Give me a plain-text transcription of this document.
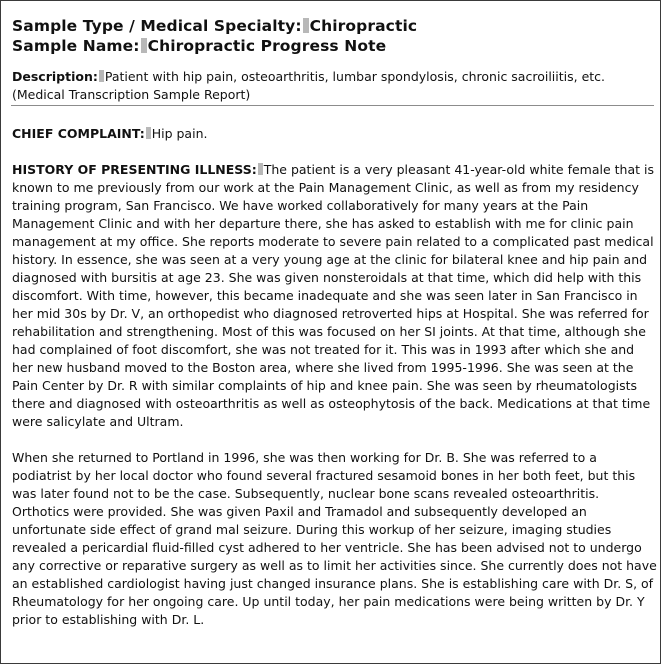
Sample Type / Medical Specialty: Chiropractic
Sample Name: Chiropractic Progress Note
Description: Patient with hip pain, osteoarthritis, lumbar spondylosis, chronic sacroiliitis, etc.
(Medical Transcription Sample Report)

CHIEF COMPLAINT: Hip pain.

HISTORY OF PRESENTING ILLNESS: The patient is a very pleasant 41-year-old white female that is known to me previously from our work at the Pain Management Clinic, as well as from my residency training program, San Francisco. We have worked collaboratively for many years at the Pain Management Clinic and with her departure there, she has asked to establish with me for clinic pain management at my office. She reports moderate to severe pain related to a complicated past medical history. In essence, she was seen at a very young age at the clinic for bilateral knee and hip pain and diagnosed with bursitis at age 23. She was given nonsteroidals at that time, which did help with this discomfort. With time, however, this became inadequate and she was seen later in San Francisco in her mid 30s by Dr. V, an orthopedist who diagnosed retroverted hips at Hospital. She was referred for rehabilitation and strengthening. Most of this was focused on her SI joints. At that time, although she had complained of foot discomfort, she was not treated for it. This was in 1993 after which she and her new husband moved to the Boston area, where she lived from 1995-1996. She was seen at the Pain Center by Dr. R with similar complaints of hip and knee pain. She was seen by rheumatologists there and diagnosed with osteoarthritis as well as osteophytosis of the back. Medications at that time were salicylate and Ultram.

When she returned to Portland in 1996, she was then working for Dr. B. She was referred to a podiatrist by her local doctor who found several fractured sesamoid bones in her both feet, but this was later found not to be the case. Subsequently, nuclear bone scans revealed osteoarthritis. Orthotics were provided. She was given Paxil and Tramadol and subsequently developed an unfortunate side effect of grand mal seizure. During this workup of her seizure, imaging studies revealed a pericardial fluid-filled cyst adhered to her ventricle. She has been advised not to undergo any corrective or reparative surgery as well as to limit her activities since. She currently does not have an established cardiologist having just changed insurance plans. She is establishing care with Dr. S, of Rheumatology for her ongoing care. Up until today, her pain medications were being written by Dr. Y prior to establishing with Dr. L.
